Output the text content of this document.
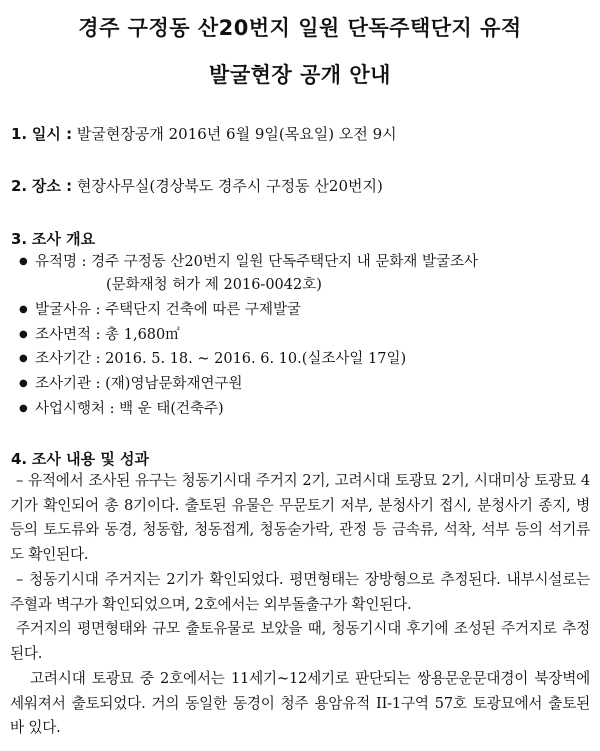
경주 구정동 산20번지 일원 단독주택단지 유적
발굴현장 공개 안내
1. 일시 : 발굴현장공개 2016년 6월 9일(목요일) 오전 9시
2. 장소 : 현장사무실(경상북도 경주시 구정동 산20번지)
3. 조사 개요
● 유적명 : 경주 구정동 산20번지 일원 단독주택단지 내 문화재 발굴조사
(문화재청 허가 제 2016-0042호)
● 발굴사유 : 주택단지 건축에 따른 구제발굴
● 조사면적 : 총 1,680㎡
● 조사기간 : 2016. 5. 18. ~ 2016. 6. 10.(실조사일 17일)
● 조사기관 : (재)영남문화재연구원
● 사업시행처 : 백 운 태(건축주)
4. 조사 내용 및 성과

– 유적에서 조사된 유구는 청동기시대 주거지 2기, 고려시대 토광묘 2기, 시대미상 토광묘 4기가 확인되어 총 8기이다. 출토된 유물은 무문토기 저부, 분청사기 접시, 분청사기 종지, 병 등의 토도류와 동경, 청동합, 청동접게, 청동숟가락, 관정 등 금속류, 석착, 석부 등의 석기류도 확인된다.

– 청동기시대 주거지는 2기가 확인되었다. 평면형태는 장방형으로 추정된다. 내부시설로는 주혈과 벽구가 확인되었으며, 2호에서는 외부돌출구가 확인된다.

주거지의 평면형태와 규모 출토유물로 보았을 때, 청동기시대 후기에 조성된 주거지로 추정된다.

고려시대 토광묘 중 2호에서는 11세기~12세기로 판단되는 쌍용문운문대경이 북장벽에 세워져서 출토되었다. 거의 동일한 동경이 청주 용암유적 II-1구역 57호 토광묘에서 출토된 바 있다.
